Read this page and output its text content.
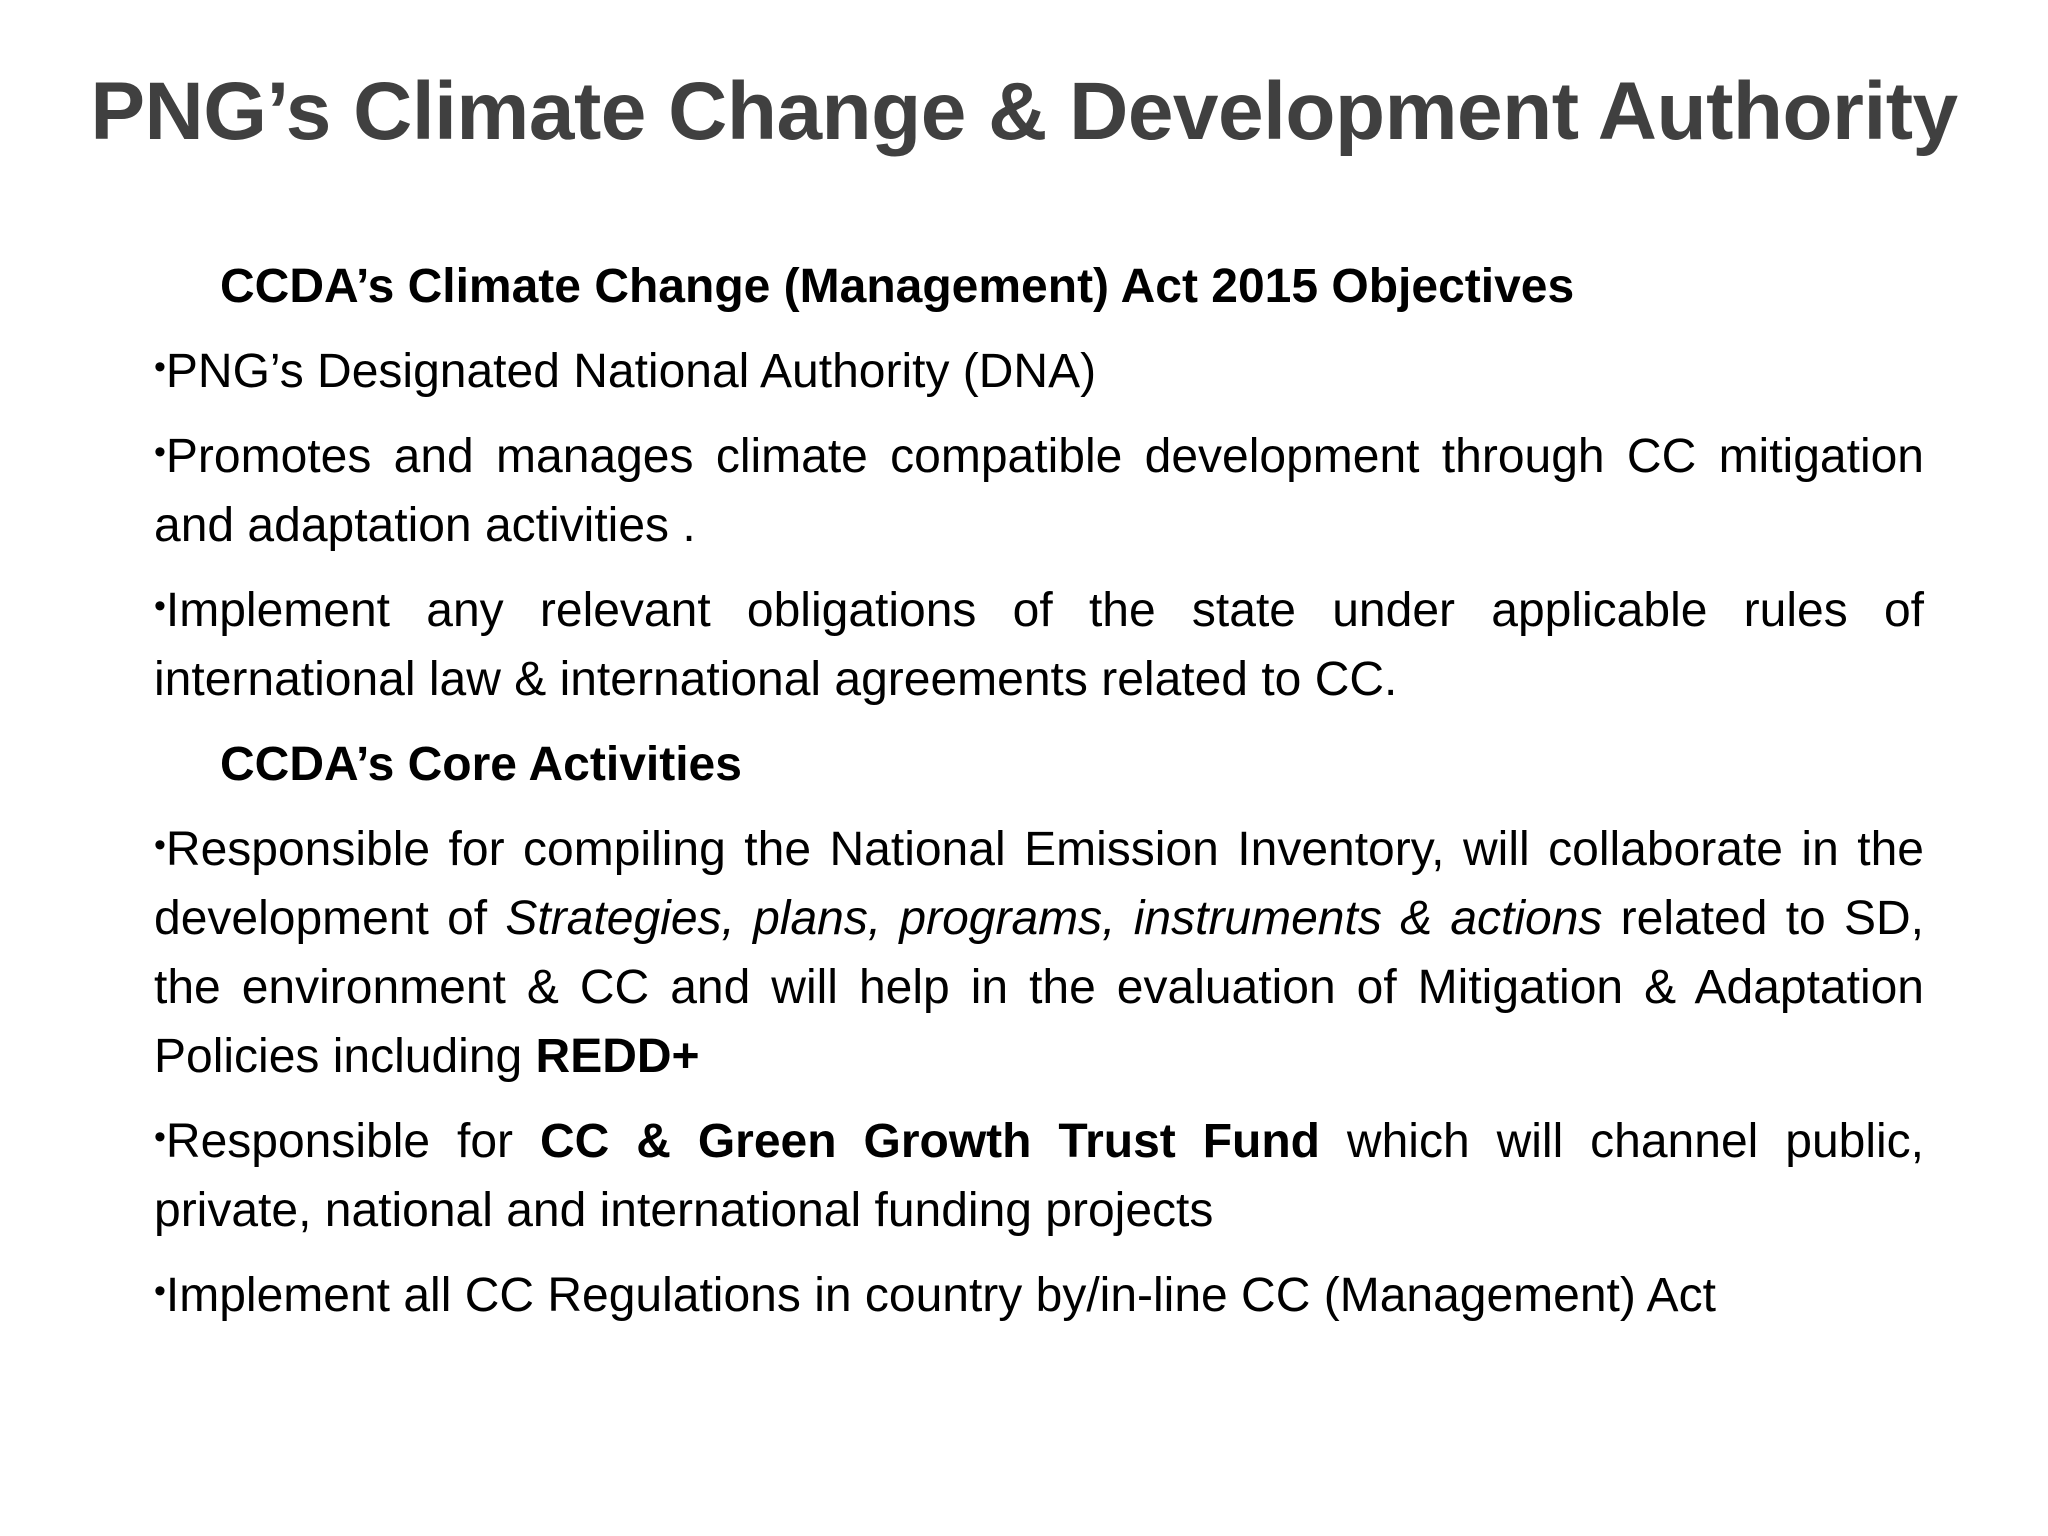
PNG’s Climate Change & Development Authority
CCDA’s Climate Change (Management) Act 2015 Objectives
•PNG’s Designated National Authority (DNA)
•Promotes and manages climate compatible development through CC mitigation and adaptation activities .
•Implement any relevant obligations of the state under applicable rules of international law & international agreements related to CC.
CCDA’s Core Activities
•Responsible for compiling the National Emission Inventory, will collaborate in the development of Strategies, plans, programs, instruments & actions related to SD, the environment & CC and will help in the evaluation of Mitigation & Adaptation Policies including REDD+
•Responsible for CC & Green Growth Trust Fund which will channel public, private, national and international funding projects
•Implement all CC Regulations in country by/in-line CC (Management) Act
